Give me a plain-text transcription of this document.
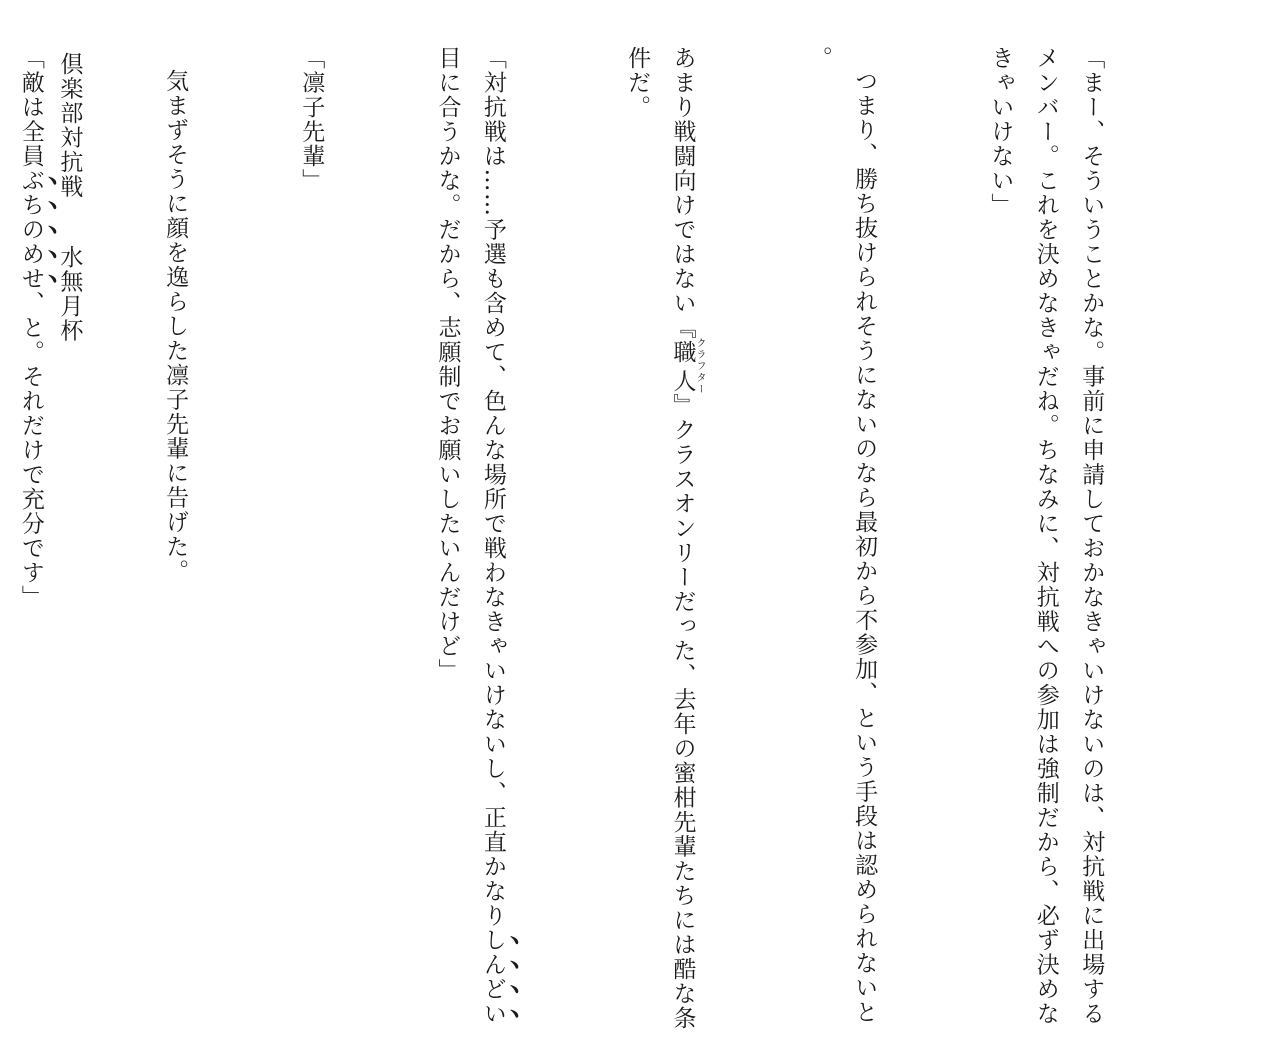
「まー、そういうことかな。事前に申請しておかなきゃいけないのは、対抗戦に出場するメンバー。これを決めなきゃだね。ちなみに、対抗戦への参加は強制だから、必ず決めなきゃいけない」

つまり、勝ち抜けられそうにないのなら最初から不参加、という手段は認められないと。

あまり戦闘向けではない『職人クラフター』クラスオンリーだった、去年の蜜柑先輩たちには酷な条件だ。

「対抗戦は……予選も含めて、色んな場所で戦わなきゃいけないし、正直かなりしんどい目に合うかな。だから、志願制でお願いしたいんだけど」

「凛子先輩」

気まずそうに顔を逸らした凛子先輩に告げた。

「敵は全員ぶちのめせ、と。それだけで充分です」

倶楽部対抗戦水無月杯
